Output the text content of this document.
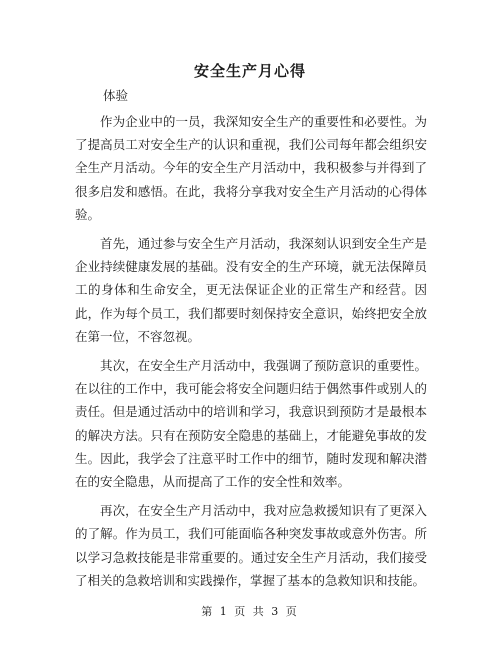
安全生产月心得
体验

作为企业中的一员，我深知安全生产的重要性和必要性。为了提高员工对安全生产的认识和重视，我们公司每年都会组织安全生产月活动。今年的安全生产月活动中，我积极参与并得到了很多启发和感悟。在此，我将分享我对安全生产月活动的心得体验。

首先，通过参与安全生产月活动，我深刻认识到安全生产是企业持续健康发展的基础。没有安全的生产环境，就无法保障员工的身体和生命安全，更无法保证企业的正常生产和经营。因此，作为每个员工，我们都要时刻保持安全意识，始终把安全放在第一位，不容忽视。

其次，在安全生产月活动中，我强调了预防意识的重要性。在以往的工作中，我可能会将安全问题归结于偶然事件或别人的责任。但是通过活动中的培训和学习，我意识到预防才是最根本的解决方法。只有在预防安全隐患的基础上，才能避免事故的发生。因此，我学会了注意平时工作中的细节，随时发现和解决潜在的安全隐患，从而提高了工作的安全性和效率。

再次，在安全生产月活动中，我对应急救援知识有了更深入的了解。作为员工，我们可能面临各种突发事故或意外伤害。所以学习急救技能是非常重要的。通过安全生产月活动，我们接受了相关的急救培训和实践操作，掌握了基本的急救知识和技能。

第 1 页 共 3 页
